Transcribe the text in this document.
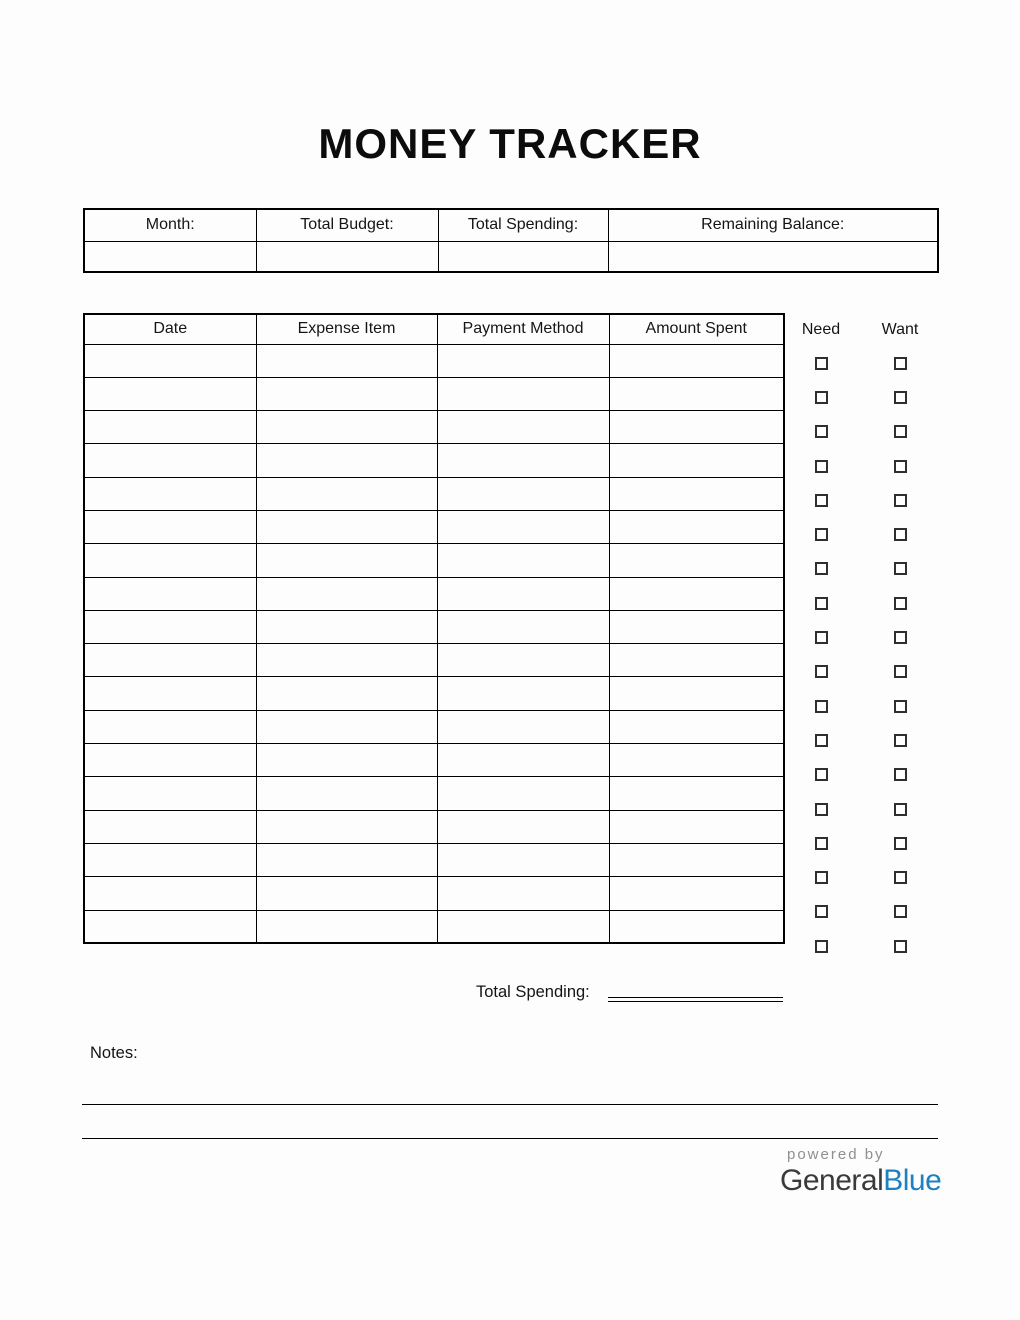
MONEY TRACKER
Month:	Total Budget:	Total Spending:	Remaining Balance:

Date	Expense Item	Payment Method	Amount Spent

				Need	Want
Total Spending:
Notes:
powered by
GeneralBlue
